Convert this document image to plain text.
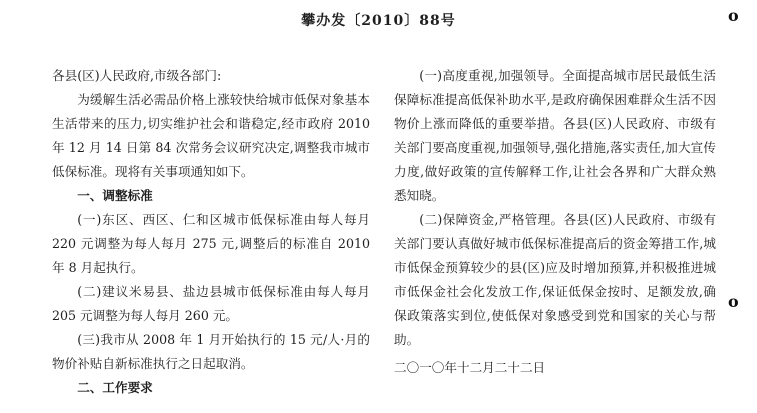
攀办发〔2010〕88号

各县(区)人民政府,市级各部门:

为缓解生活必需品价格上涨较快给城市低保对象基本生活带来的压力,切实维护社会和谐稳定,经市政府 2010 年 12 月 14 日第 84 次常务会议研究决定,调整我市城市低保标准。现将有关事项通知如下。

一、调整标准

(一)东区、西区、仁和区城市低保标准由每人每月 220 元调整为每人每月 275 元,调整后的标准自 2010 年 8 月起执行。

(二)建议米易县、盐边县城市低保标准由每人每月 205 元调整为每人每月 260 元。

(三)我市从 2008 年 1 月开始执行的 15 元/人·月的物价补贴自新标准执行之日起取消。

二、工作要求

(一)高度重视,加强领导。全面提高城市居民最低生活保障标准提高低保补助水平,是政府确保困难群众生活不因物价上涨而降低的重要举措。各县(区)人民政府、市级有关部门要高度重视,加强领导,强化措施,落实责任,加大宣传力度,做好政策的宣传解释工作,让社会各界和广大群众熟悉知晓。

(二)保障资金,严格管理。各县(区)人民政府、市级有关部门要认真做好城市低保标准提高后的资金筹措工作,城市低保金预算较少的县(区)应及时增加预算,并积极推进城市低保金社会化发放工作,保证低保金按时、足额发放,确保政策落实到位,使低保对象感受到党和国家的关心与帮助。

二〇一〇年十二月二十二日

o
o
